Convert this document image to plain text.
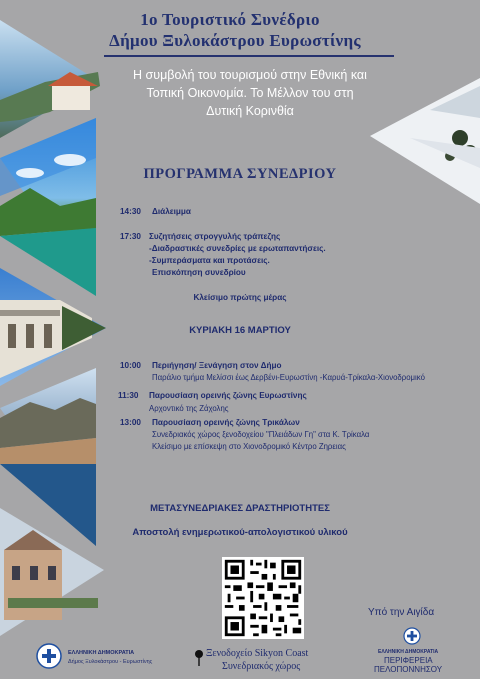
1ο Τουριστικό Συνέδριο
Δήμου Ξυλοκάστρου Ευρωστίνης
Η συμβολή του τουρισμού στην Εθνική και
Τοπική Οικονομία. Το Μέλλον του στη
Δυτική Κορινθία
ΠΡΟΓΡΑΜΜΑ ΣΥΝΕΔΡΙΟΥ
14:30 Διάλειμμα
17:30 Συζητήσεις στρογγυλής τράπεζης
-Διαδραστικές συνεδρίες με ερωταπαντήσεις.
-Συμπεράσματα και προτάσεις.
Επισκόπηση συνεδρίου
Κλείσιμο πρώτης μέρας
ΚΥΡΙΑΚΗ 16 ΜΑΡΤΙΟΥ
10:00 Περιήγηση/ Ξενάγηση στον Δήμο
Παράλιο τμήμα Μελίσσι έως Δερβένι-Ευρωστίνη -Καρυά-Τρίκαλα-Χιονοδρομικό
11:30 Παρουσίαση ορεινής ζώνης Ευρωστίνης
Αρχοντικό της Ζάχολης
13:00 Παρουσίαση ορεινής ζώνης Τρικάλων
Συνεδριακός χώρος ξενοδοχείου "Πλειάδων Γη" στα Κ. Τρίκαλα
Κλείσιμο με επίσκεψη στο Χιονοδρομικό Κέντρο Ζηρειας
ΜΕΤΑΣΥΝΕΔΡΙΑΚΕΣ ΔΡΑΣΤΗΡΙΟΤΗΤΕΣ
Αποστολή ενημερωτικού-απολογιστικού υλικού
Υπό την Αιγίδα
ΕΛΛΗΝΙΚΗ ΔΗΜΟΚΡΑΤΙΑ
Δήμος Ξυλοκάστρου - Ευρωστίνης
Ξενοδοχείο Sikyon Coast
Συνεδριακός χώρος
ΕΛΛΗΝΙΚΗ ΔΗΜΟΚΡΑΤΙΑ
ΠΕΡΙΦΕΡΕΙΑ
ΠΕΛΟΠΟΝΝΗΣΟΥ
